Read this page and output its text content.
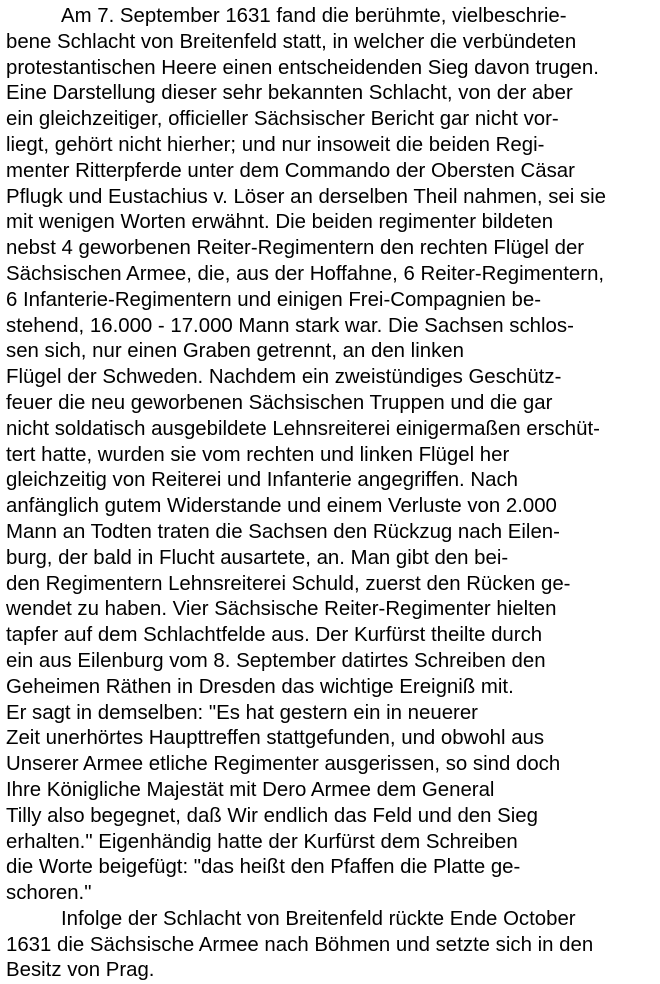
Am 7. September 1631 fand die berühmte, vielbeschrie-
bene Schlacht von Breitenfeld statt, in welcher die verbündeten
protestantischen Heere einen entscheidenden Sieg davon trugen.
Eine Darstellung dieser sehr bekannten Schlacht, von der aber
ein gleichzeitiger, officieller Sächsischer Bericht gar nicht vor-
liegt, gehört nicht hierher; und nur insoweit die beiden Regi-
menter Ritterpferde unter dem Commando der Obersten Cäsar
Pflugk und Eustachius v. Löser an derselben Theil nahmen, sei sie
mit wenigen Worten erwähnt. Die beiden regimenter bildeten
nebst 4 geworbenen Reiter-Regimentern den rechten Flügel der
Sächsischen Armee, die, aus der Hoffahne, 6 Reiter-Regimentern,
6 Infanterie-Regimentern und einigen Frei-Compagnien be-
stehend, 16.000 - 17.000 Mann stark war. Die Sachsen schlos-
sen sich, nur einen Graben getrennt, an den linken
Flügel der Schweden. Nachdem ein zweistündiges Geschütz-
feuer die neu geworbenen Sächsischen Truppen und die gar
nicht soldatisch ausgebildete Lehnsreiterei einigermaßen erschüt-
tert hatte, wurden sie vom rechten und linken Flügel her
gleichzeitig von Reiterei und Infanterie angegriffen. Nach
anfänglich gutem Widerstande und einem Verluste von 2.000
Mann an Todten traten die Sachsen den Rückzug nach Eilen-
burg, der bald in Flucht ausartete, an. Man gibt den bei-
den Regimentern Lehnsreiterei Schuld, zuerst den Rücken ge-
wendet zu haben. Vier Sächsische Reiter-Regimenter hielten
tapfer auf dem Schlachtfelde aus. Der Kurfürst theilte durch
ein aus Eilenburg vom 8. September datirtes Schreiben den
Geheimen Räthen in Dresden das wichtige Ereigniß mit.
Er sagt in demselben: "Es hat gestern ein in neuerer
Zeit unerhörtes Haupttreffen stattgefunden, und obwohl aus
Unserer Armee etliche Regimenter ausgerissen, so sind doch
Ihre Königliche Majestät mit Dero Armee dem General
Tilly also begegnet, daß Wir endlich das Feld und den Sieg
erhalten." Eigenhändig hatte der Kurfürst dem Schreiben
die Worte beigefügt: "das heißt den Pfaffen die Platte ge-
schoren."
Infolge der Schlacht von Breitenfeld rückte Ende October
1631 die Sächsische Armee nach Böhmen und setzte sich in den
Besitz von Prag.
